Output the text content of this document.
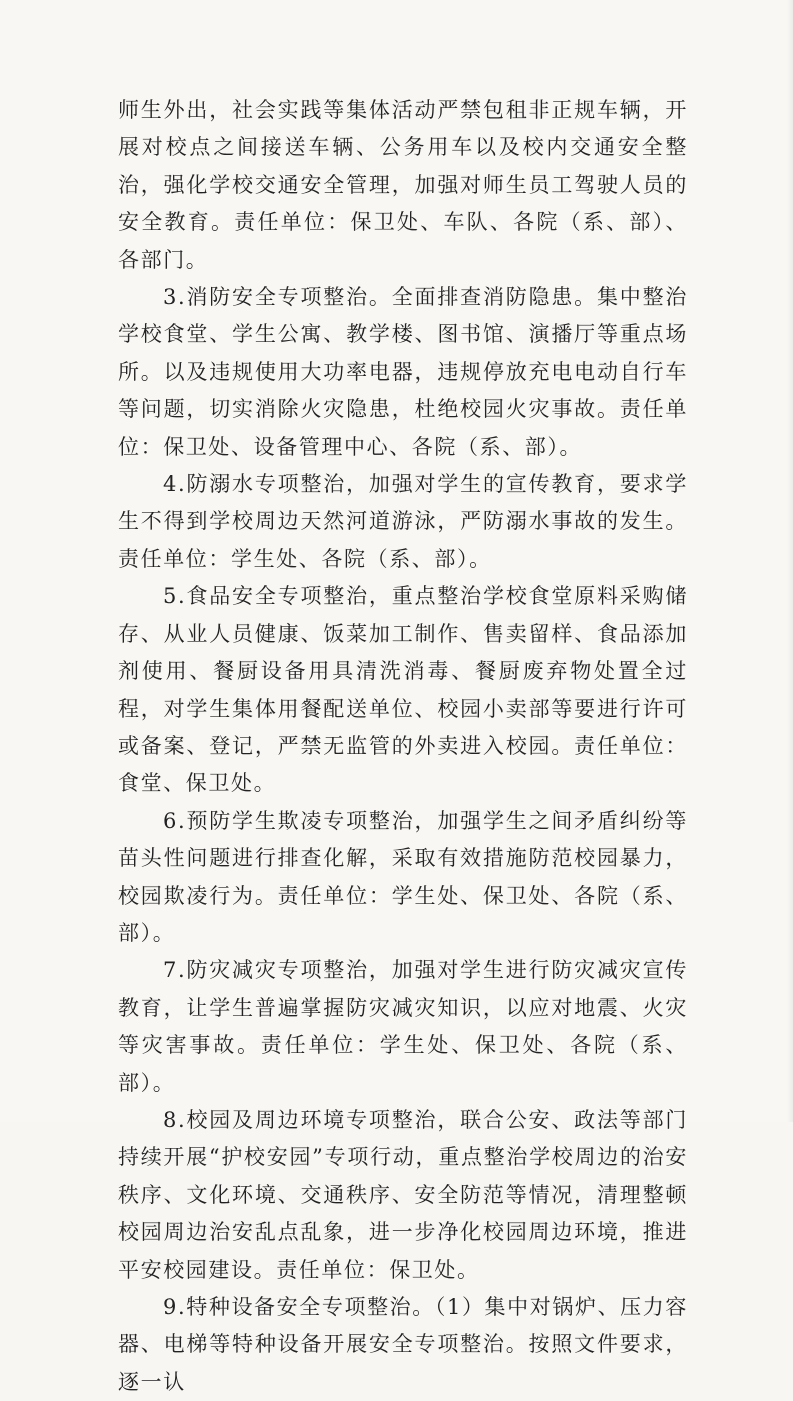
师生外出，社会实践等集体活动严禁包租非正规车辆，开展对校点之间接送车辆、公务用车以及校内交通安全整治，强化学校交通安全管理，加强对师生员工驾驶人员的安全教育。责任单位：保卫处、车队、各院（系、部）、各部门。

3.消防安全专项整治。全面排查消防隐患。集中整治学校食堂、学生公寓、教学楼、图书馆、演播厅等重点场所。以及违规使用大功率电器，违规停放充电电动自行车等问题，切实消除火灾隐患，杜绝校园火灾事故。责任单位：保卫处、设备管理中心、各院（系、部）。

4.防溺水专项整治，加强对学生的宣传教育，要求学生不得到学校周边天然河道游泳，严防溺水事故的发生。责任单位：学生处、各院（系、部）。

5.食品安全专项整治，重点整治学校食堂原料采购储存、从业人员健康、饭菜加工制作、售卖留样、食品添加剂使用、餐厨设备用具清洗消毒、餐厨废弃物处置全过程，对学生集体用餐配送单位、校园小卖部等要进行许可或备案、登记，严禁无监管的外卖进入校园。责任单位：食堂、保卫处。

6.预防学生欺凌专项整治，加强学生之间矛盾纠纷等苗头性问题进行排查化解，采取有效措施防范校园暴力，校园欺凌行为。责任单位：学生处、保卫处、各院（系、部）。

7.防灾减灾专项整治，加强对学生进行防灾减灾宣传教育，让学生普遍掌握防灾减灾知识，以应对地震、火灾等灾害事故。责任单位：学生处、保卫处、各院（系、部）。

8.校园及周边环境专项整治，联合公安、政法等部门持续开展“护校安园”专项行动，重点整治学校周边的治安秩序、文化环境、交通秩序、安全防范等情况，清理整顿校园周边治安乱点乱象，进一步净化校园周边环境，推进平安校园建设。责任单位：保卫处。

9.特种设备安全专项整治。（1）集中对锅炉、压力容器、电梯等特种设备开展安全专项整治。按照文件要求，逐一认
